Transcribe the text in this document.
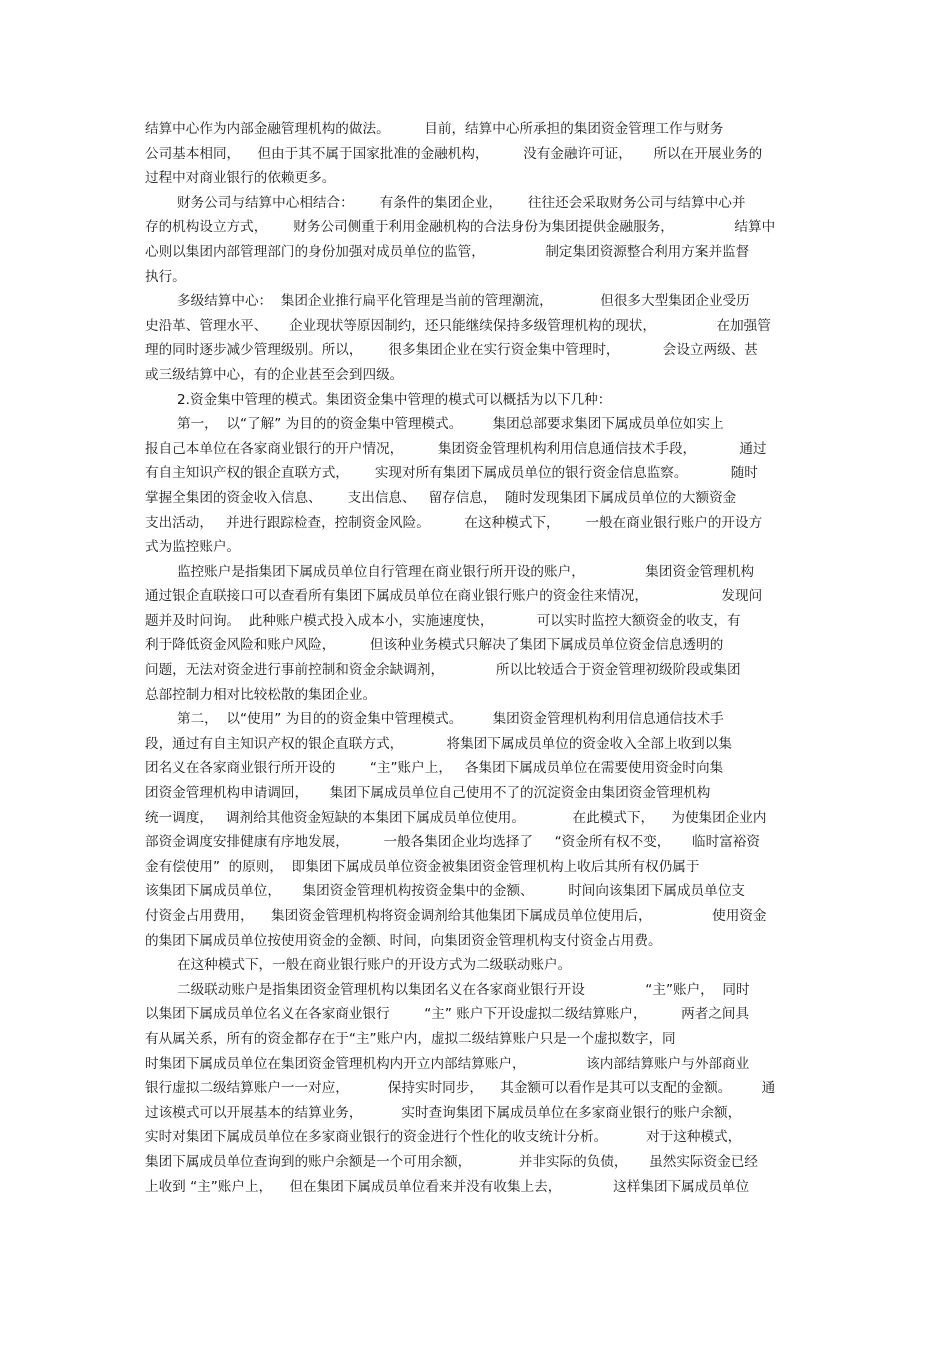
结算中心作为内部金融管理机构的做法。        目前，结算中心所承担的集团资金管理工作与财务
公司基本相同，    但由于其不属于国家批准的金融机构，        没有金融许可证，     所以在开展业务的
过程中对商业银行的依赖更多。
财务公司与结算中心相结合：      有条件的集团企业，      往往还会采取财务公司与结算中心并
存的机构设立方式，      财务公司侧重于利用金融机构的合法身份为集团提供金融服务，              结算中
心则以集团内部管理部门的身份加强对成员单位的监管，              制定集团资源整合利用方案并监督
执行。
多级结算中心：  集团企业推行扁平化管理是当前的管理潮流，           但很多大型集团企业受历
史沿革、管理水平、     企业现状等原因制约，还只能继续保持多级管理机构的现状，              在加强管
理的同时逐步减少管理级别。所以，      很多集团企业在实行资金集中管理时，          会设立两级、甚
或三级结算中心，有的企业甚至会到四级。
2.资金集中管理的模式。集团资金集中管理的模式可以概括为以下几种：
第一，  以“了解” 为目的的资金集中管理模式。       集团总部要求集团下属成员单位如实上
报自己本单位在各家商业银行的开户情况，        集团资金管理机构利用信息通信技术手段，          通过
有自主知识产权的银企直联方式，      实现对所有集团下属成员单位的银行资金信息监察。          随时
掌握全集团的资金收入信息、      支出信息、   留存信息，  随时发现集团下属成员单位的大额资金
支出活动，   并进行跟踪检查，控制资金风险。        在这种模式下，      一般在商业银行账户的开设方
式为监控账户。
监控账户是指集团下属成员单位自行管理在商业银行所开设的账户，              集团资金管理机构
通过银企直联接口可以查看所有集团下属成员单位在商业银行账户的资金往来情况，                 发现问
题并及时问询。  此种账户模式投入成本小，实施速度快，          可以实时监控大额资金的收支，有
利于降低资金风险和账户风险，        但该种业务模式只解决了集团下属成员单位资金信息透明的
问题，无法对资金进行事前控制和资金余缺调剂，            所以比较适合于资金管理初级阶段或集团
总部控制力相对比较松散的集团企业。
第二，  以“使用” 为目的的资金集中管理模式。       集团资金管理机构利用信息通信技术手
段，通过有自主知识产权的银企直联方式，          将集团下属成员单位的资金收入全部上收到以集
团名义在各家商业银行所开设的        “主”账户上，   各集团下属成员单位在需要使用资金时向集
团资金管理机构申请调回，     集团下属成员单位自己使用不了的沉淀资金由集团资金管理机构
统一调度，   调剂给其他资金短缺的本集团下属成员单位使用。           在此模式下，    为使集团企业内
部资金调度安排健康有序地发展，        一般各集团企业均选择了     “资金所有权不变，     临时富裕资
金有偿使用”  的原则，  即集团下属成员单位资金被集团资金管理机构上收后其所有权仍属于
该集团下属成员单位，     集团资金管理机构按资金集中的金额、        时间向该集团下属成员单位支
付资金占用费用，    集团资金管理机构将资金调剂给其他集团下属成员单位使用后，              使用资金
的集团下属成员单位按使用资金的金额、时间，向集团资金管理机构支付资金占用费。
在这种模式下，一般在商业银行账户的开设方式为二级联动账户。
二级联动账户是指集团资金管理机构以集团名义在各家商业银行开设              “主”账户，  同时
以集团下属成员单位名义在各家商业银行        “主” 账户下开设虚拟二级结算账户，        两者之间具
有从属关系，所有的资金都存在于“主”账户内，虚拟二级结算账户只是一个虚拟数字，同
时集团下属成员单位在集团资金管理机构内开立内部结算账户，              该内部结算账户与外部商业
银行虚拟二级结算账户一一对应，         保持实时同步，    其金额可以看作是其可以支配的金额。       通
过该模式可以开展基本的结算业务，         实时查询集团下属成员单位在多家商业银行的账户余额，
实时对集团下属成员单位在多家商业银行的资金进行个性化的收支统计分析。         对于这种模式，
集团下属成员单位查询到的账户余额是一个可用余额，           并非实际的负债，     虽然实际资金已经
上收到 “主”账户上，    但在集团下属成员单位看来并没有收集上去，            这样集团下属成员单位
